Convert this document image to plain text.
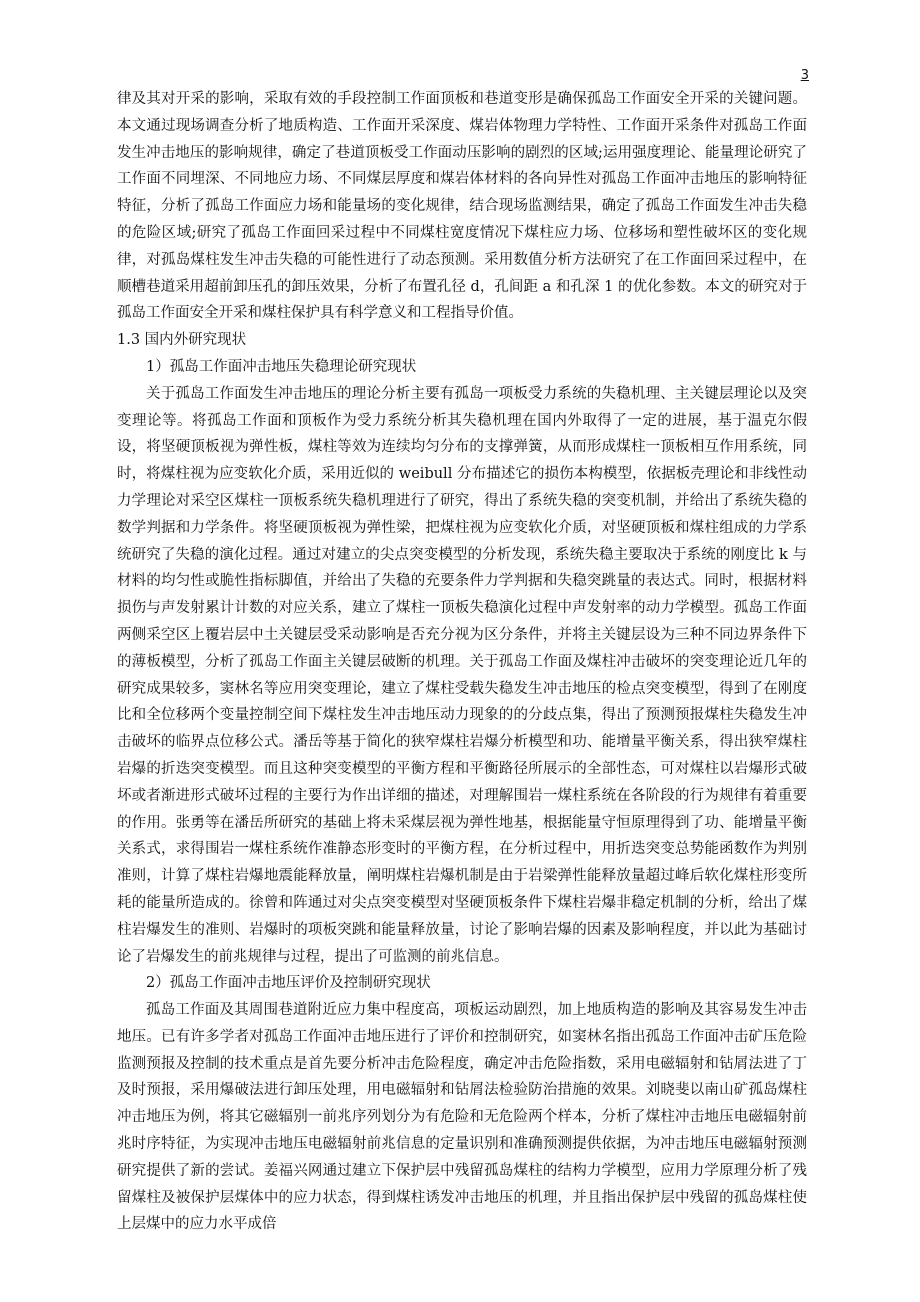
3

律及其对开采的影响，采取有效的手段控制工作面顶板和巷道变形是确保孤岛工作面安全开采的关键问题。本文通过现场调查分析了地质构造、工作面开采深度、煤岩体物理力学特性、工作面开采条件对孤岛工作面发生冲击地压的影响规律，确定了巷道顶板受工作面动压影响的剧烈的区域;运用强度理论、能量理论研究了工作面不同埋深、不同地应力场、不同煤层厚度和煤岩体材料的各向异性对孤岛工作面冲击地压的影响特征特征，分析了孤岛工作面应力场和能量场的变化规律，结合现场监测结果，确定了孤岛工作面发生冲击失稳的危险区域;研究了孤岛工作面回采过程中不同煤柱宽度情况下煤柱应力场、位移场和塑性破坏区的变化规律，对孤岛煤柱发生冲击失稳的可能性进行了动态预测。采用数值分析方法研究了在工作面回采过程中，在顺槽巷道采用超前卸压孔的卸压效果，分析了布置孔径 d，孔间距 a 和孔深 1 的优化参数。本文的研究对于孤岛工作面安全开采和煤柱保护具有科学意义和工程指导价值。

1.3 国内外研究现状

1）孤岛工作面冲击地压失稳理论研究现状

关于孤岛工作面发生冲击地压的理论分析主要有孤岛一项板受力系统的失稳机理、主关键层理论以及突变理论等。将孤岛工作面和顶板作为受力系统分析其失稳机理在国内外取得了一定的进展，基于温克尔假设，将坚硬顶板视为弹性板，煤柱等效为连续均匀分布的支撑弹簧，从而形成煤柱一顶板相互作用系统，同时，将煤柱视为应变软化介质，采用近似的 weibull 分布描述它的损伤本构模型，依据板壳理论和非线性动力学理论对采空区煤柱一顶板系统失稳机理进行了研究，得出了系统失稳的突变机制，并给出了系统失稳的数学判据和力学条件。将坚硬顶板视为弹性梁，把煤柱视为应变软化介质，对坚硬顶板和煤柱组成的力学系统研究了失稳的演化过程。通过对建立的尖点突变模型的分析发现，系统失稳主要取决于系统的刚度比 k 与材料的均匀性或脆性指标脚值，并给出了失稳的充要条件力学判据和失稳突跳量的表达式。同时，根据材料损伤与声发射累计计数的对应关系，建立了煤柱一顶板失稳演化过程中声发射率的动力学模型。孤岛工作面两侧采空区上覆岩层中土关键层受采动影响是否充分视为区分条件，并将主关键层设为三种不同边界条件下的薄板模型，分析了孤岛工作面主关键层破断的机理。关于孤岛工作面及煤柱冲击破坏的突变理论近几年的研究成果较多，窦林名等应用突变理论，建立了煤柱受载失稳发生冲击地压的检点突变模型，得到了在刚度比和全位移两个变量控制空间下煤柱发生冲击地压动力现象的的分歧点集，得出了预测预报煤柱失稳发生冲击破坏的临界点位移公式。潘岳等基于简化的狭窄煤柱岩爆分析模型和功、能增量平衡关系，得出狭窄煤柱岩爆的折迭突变模型。而且这种突变模型的平衡方程和平衡路径所展示的全部性态，可对煤柱以岩爆形式破坏或者渐进形式破坏过程的主要行为作出详细的描述，对理解围岩一煤柱系统在各阶段的行为规律有着重要的作用。张勇等在潘岳所研究的基础上将未采煤层视为弹性地基，根据能量守恒原理得到了功、能增量平衡关系式，求得围岩一煤柱系统作准静态形变时的平衡方程，在分析过程中，用折迭突变总势能函数作为判别准则，计算了煤柱岩爆地震能释放量，阐明煤柱岩爆机制是由于岩梁弹性能释放量超过峰后软化煤柱形变所耗的能量所造成的。徐曾和阵通过对尖点突变模型对坚硬顶板条件下煤柱岩爆非稳定机制的分析，给出了煤柱岩爆发生的准则、岩爆时的项板突跳和能量释放量，讨论了影响岩爆的因素及影响程度，并以此为基础讨论了岩爆发生的前兆规律与过程，提出了可监测的前兆信息。

2）孤岛工作面冲击地压评价及控制研究现状

孤岛工作面及其周围巷道附近应力集中程度高，项板运动剧烈，加上地质构造的影响及其容易发生冲击地压。已有许多学者对孤岛工作面冲击地压进行了评价和控制研究，如窦林名指出孤岛工作面冲击矿压危险监测预报及控制的技术重点是首先要分析冲击危险程度，确定冲击危险指数，采用电磁辐射和钻屑法进了丁及时预报，采用爆破法进行卸压处理，用电磁辐射和钻屑法检验防治措施的效果。刘晓斐以南山矿孤岛煤柱冲击地压为例，将其它磁辐别一前兆序列划分为有危险和无危险两个样本，分析了煤柱冲击地压电磁辐射前兆时序特征，为实现冲击地压电磁辐射前兆信息的定量识别和准确预测提供依据，为冲击地压电磁辐射预测研究提供了新的尝试。姜福兴网通过建立下保护层中残留孤岛煤柱的结构力学模型，应用力学原理分析了残留煤柱及被保护层煤体中的应力状态，得到煤柱诱发冲击地压的机理，并且指出保护层中残留的孤岛煤柱使上层煤中的应力水平成倍
